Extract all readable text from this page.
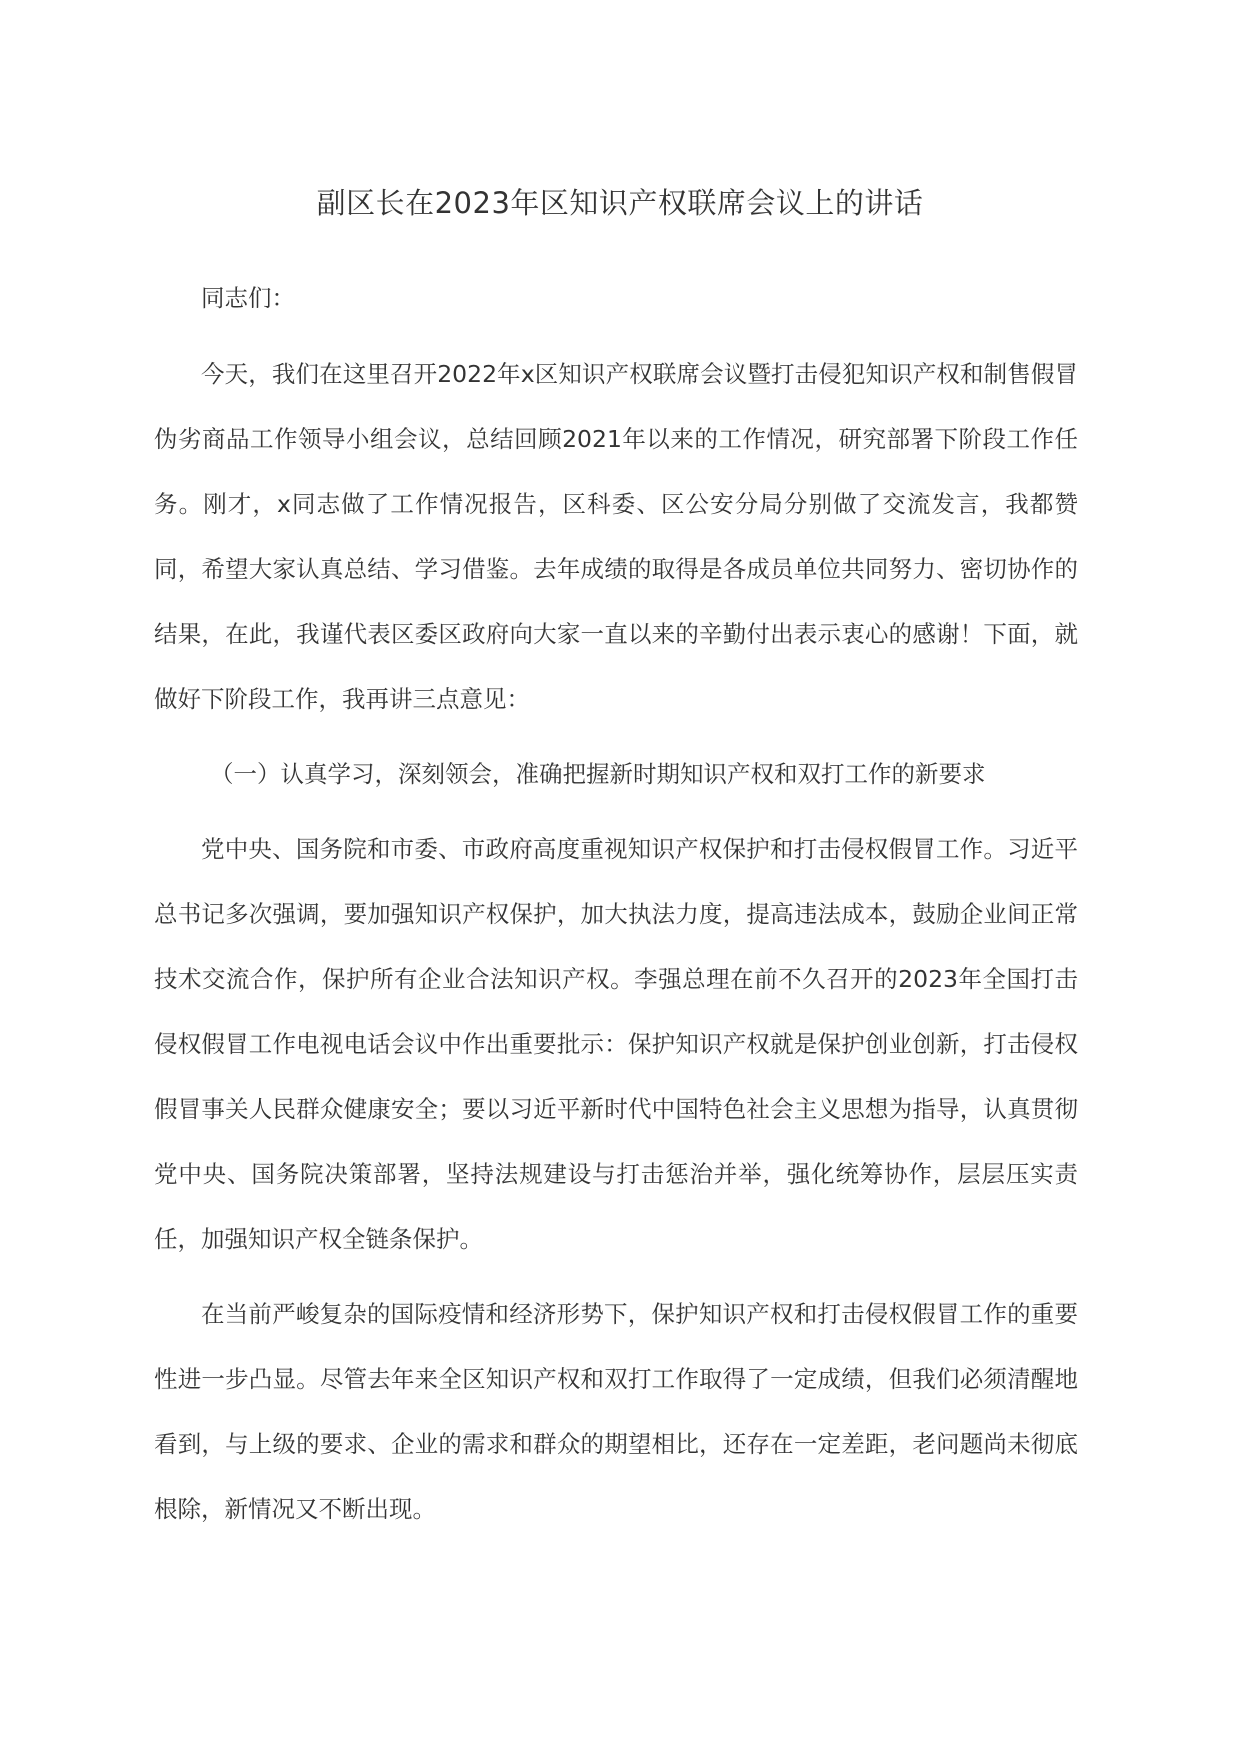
副区长在2023年区知识产权联席会议上的讲话

同志们：

今天，我们在这里召开2022年x区知识产权联席会议暨打击侵犯知识产权和制售假冒伪劣商品工作领导小组会议，总结回顾2021年以来的工作情况，研究部署下阶段工作任务。刚才，x同志做了工作情况报告，区科委、区公安分局分别做了交流发言，我都赞同，希望大家认真总结、学习借鉴。去年成绩的取得是各成员单位共同努力、密切协作的结果，在此，我谨代表区委区政府向大家一直以来的辛勤付出表示衷心的感谢！下面，就做好下阶段工作，我再讲三点意见：

（一）认真学习，深刻领会，准确把握新时期知识产权和双打工作的新要求

党中央、国务院和市委、市政府高度重视知识产权保护和打击侵权假冒工作。习近平总书记多次强调，要加强知识产权保护，加大执法力度，提高违法成本，鼓励企业间正常技术交流合作，保护所有企业合法知识产权。李强总理在前不久召开的2023年全国打击侵权假冒工作电视电话会议中作出重要批示：保护知识产权就是保护创业创新，打击侵权假冒事关人民群众健康安全；要以习近平新时代中国特色社会主义思想为指导，认真贯彻党中央、国务院决策部署，坚持法规建设与打击惩治并举，强化统筹协作，层层压实责任，加强知识产权全链条保护。

在当前严峻复杂的国际疫情和经济形势下，保护知识产权和打击侵权假冒工作的重要性进一步凸显。尽管去年来全区知识产权和双打工作取得了一定成绩，但我们必须清醒地看到，与上级的要求、企业的需求和群众的期望相比，还存在一定差距，老问题尚未彻底根除，新情况又不断出现。
